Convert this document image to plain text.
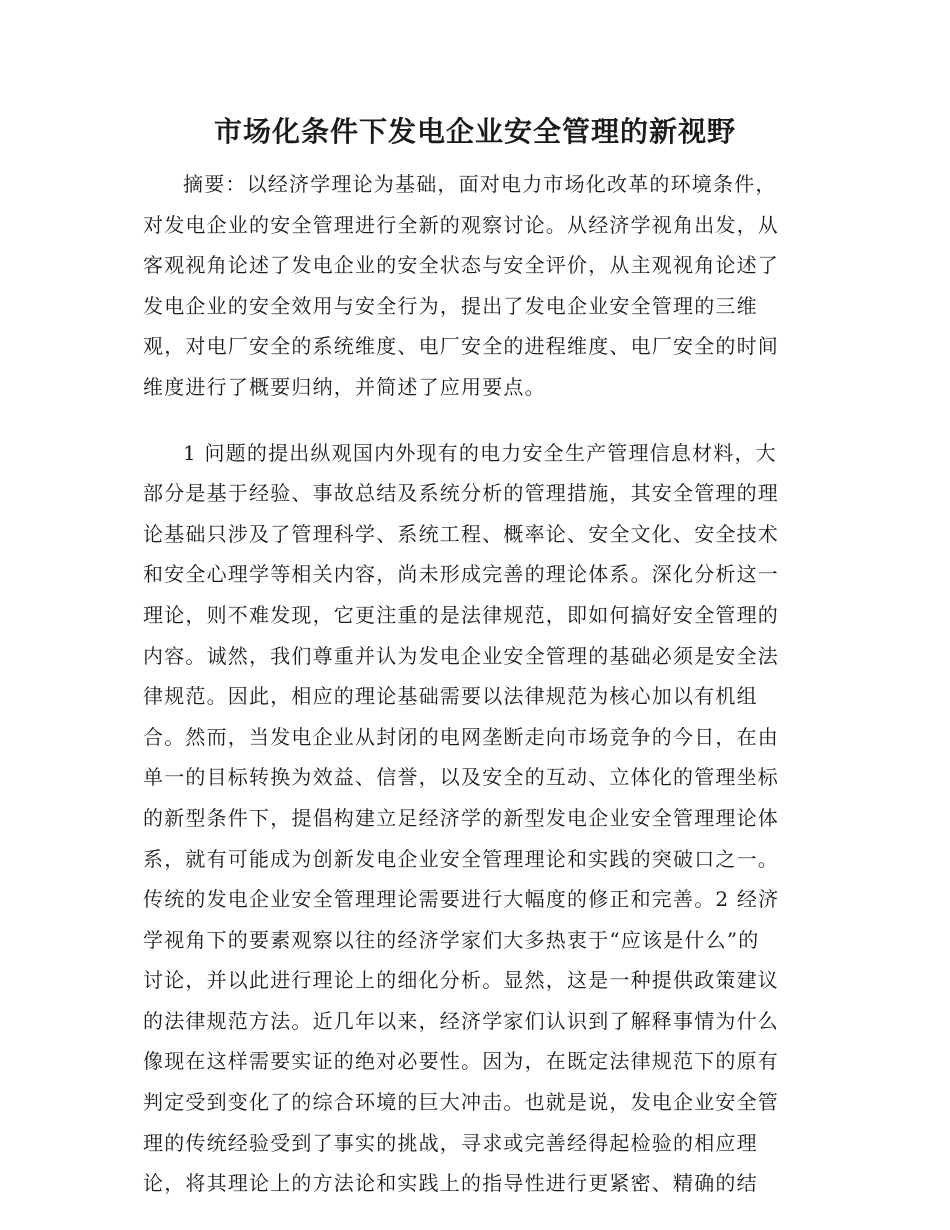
市场化条件下发电企业安全管理的新视野
摘要：以经济学理论为基础，面对电力市场化改革的环境条件，
对发电企业的安全管理进行全新的观察讨论。从经济学视角出发，从
客观视角论述了发电企业的安全状态与安全评价，从主观视角论述了
发电企业的安全效用与安全行为，提出了发电企业安全管理的三维
观，对电厂安全的系统维度、电厂安全的进程维度、电厂安全的时间
维度进行了概要归纳，并简述了应用要点。
1 问题的提出纵观国内外现有的电力安全生产管理信息材料，大
部分是基于经验、事故总结及系统分析的管理措施，其安全管理的理
论基础只涉及了管理科学、系统工程、概率论、安全文化、安全技术
和安全心理学等相关内容，尚未形成完善的理论体系。深化分析这一
理论，则不难发现，它更注重的是法律规范，即如何搞好安全管理的
内容。诚然，我们尊重并认为发电企业安全管理的基础必须是安全法
律规范。因此，相应的理论基础需要以法律规范为核心加以有机组
合。然而，当发电企业从封闭的电网垄断走向市场竞争的今日，在由
单一的目标转换为效益、信誉，以及安全的互动、立体化的管理坐标
的新型条件下，提倡构建立足经济学的新型发电企业安全管理理论体
系，就有可能成为创新发电企业安全管理理论和实践的突破口之一。
传统的发电企业安全管理理论需要进行大幅度的修正和完善。2 经济
学视角下的要素观察以往的经济学家们大多热衷于“应该是什么”的
讨论，并以此进行理论上的细化分析。显然，这是一种提供政策建议
的法律规范方法。近几年以来，经济学家们认识到了解释事情为什么
像现在这样需要实证的绝对必要性。因为，在既定法律规范下的原有
判定受到变化了的综合环境的巨大冲击。也就是说，发电企业安全管
理的传统经验受到了事实的挑战，寻求或完善经得起检验的相应理
论，将其理论上的方法论和实践上的指导性进行更紧密、精确的结
